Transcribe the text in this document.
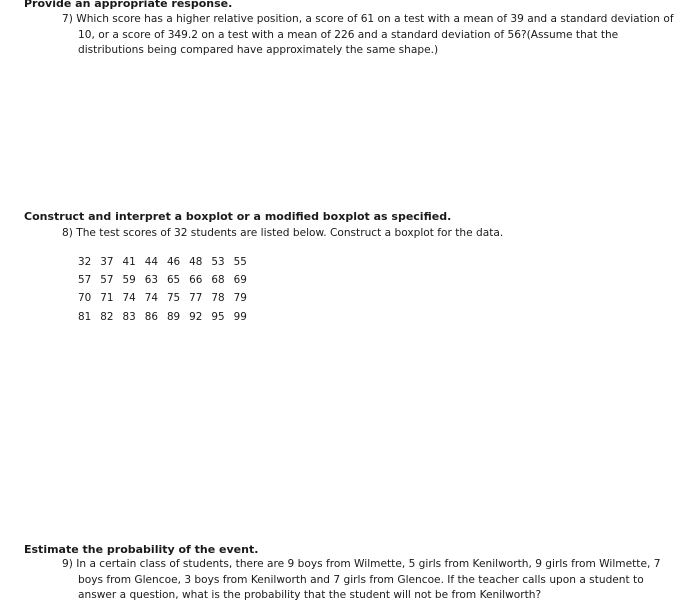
Provide an appropriate response.
7) Which score has a higher relative position, a score of 61 on a test with a mean of 39 and a standard deviation of
10, or a score of 349.2 on a test with a mean of 226 and a standard deviation of 56?(Assume that the
distributions being compared have approximately the same shape.)
Construct and interpret a boxplot or a modified boxplot as specified.
8) The test scores of 32 students are listed below. Construct a boxplot for the data.
32	37	41	44	46	48	53	55
57	57	59	63	65	66	68	69
70	71	74	74	75	77	78	79
81	82	83	86	89	92	95	99
Estimate the probability of the event.
9) In a certain class of students, there are 9 boys from Wilmette, 5 girls from Kenilworth, 9 girls from Wilmette, 7
boys from Glencoe, 3 boys from Kenilworth and 7 girls from Glencoe. If the teacher calls upon a student to
answer a question, what is the probability that the student will not be from Kenilworth?
